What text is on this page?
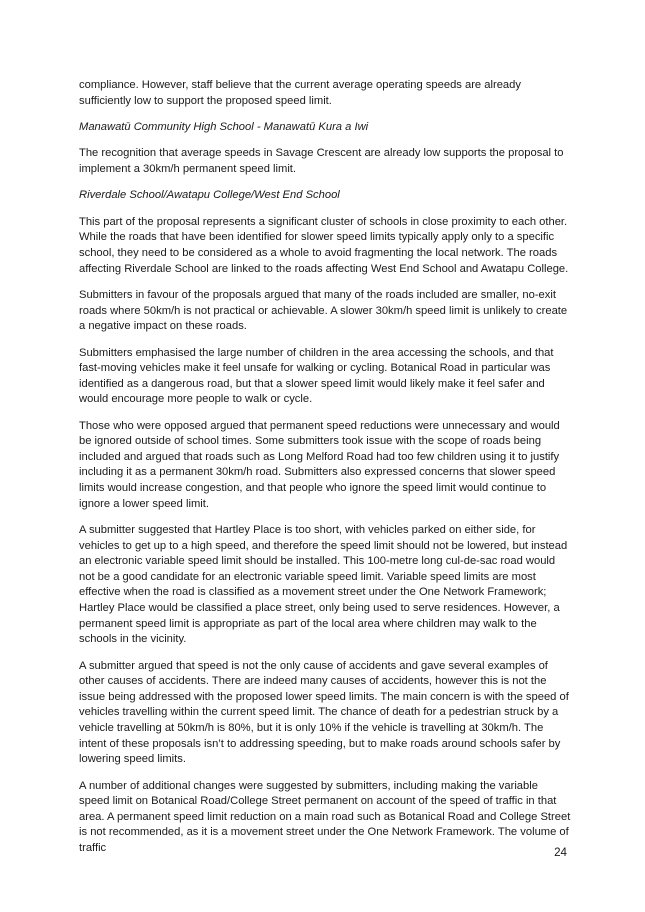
compliance. However, staff believe that the current average operating speeds are already sufficiently low to support the proposed speed limit.

Manawatū Community High School - Manawatū Kura a Iwi

The recognition that average speeds in Savage Crescent are already low supports the proposal to implement a 30km/h permanent speed limit.

Riverdale School/Awatapu College/West End School

This part of the proposal represents a significant cluster of schools in close proximity to each other. While the roads that have been identified for slower speed limits typically apply only to a specific school, they need to be considered as a whole to avoid fragmenting the local network. The roads affecting Riverdale School are linked to the roads affecting West End School and Awatapu College.

Submitters in favour of the proposals argued that many of the roads included are smaller, no-exit roads where 50km/h is not practical or achievable. A slower 30km/h speed limit is unlikely to create a negative impact on these roads.

Submitters emphasised the large number of children in the area accessing the schools, and that fast-moving vehicles make it feel unsafe for walking or cycling. Botanical Road in particular was identified as a dangerous road, but that a slower speed limit would likely make it feel safer and would encourage more people to walk or cycle.

Those who were opposed argued that permanent speed reductions were unnecessary and would be ignored outside of school times. Some submitters took issue with the scope of roads being included and argued that roads such as Long Melford Road had too few children using it to justify including it as a permanent 30km/h road. Submitters also expressed concerns that slower speed limits would increase congestion, and that people who ignore the speed limit would continue to ignore a lower speed limit.

A submitter suggested that Hartley Place is too short, with vehicles parked on either side, for vehicles to get up to a high speed, and therefore the speed limit should not be lowered, but instead an electronic variable speed limit should be installed. This 100-metre long cul-de-sac road would not be a good candidate for an electronic variable speed limit. Variable speed limits are most effective when the road is classified as a movement street under the One Network Framework; Hartley Place would be classified a place street, only being used to serve residences. However, a permanent speed limit is appropriate as part of the local area where children may walk to the schools in the vicinity.

A submitter argued that speed is not the only cause of accidents and gave several examples of other causes of accidents. There are indeed many causes of accidents, however this is not the issue being addressed with the proposed lower speed limits. The main concern is with the speed of vehicles travelling within the current speed limit. The chance of death for a pedestrian struck by a vehicle travelling at 50km/h is 80%, but it is only 10% if the vehicle is travelling at 30km/h. The intent of these proposals isn’t to addressing speeding, but to make roads around schools safer by lowering speed limits.

A number of additional changes were suggested by submitters, including making the variable speed limit on Botanical Road/College Street permanent on account of the speed of traffic in that area. A permanent speed limit reduction on a main road such as Botanical Road and College Street is not recommended, as it is a movement street under the One Network Framework. The volume of traffic	24
